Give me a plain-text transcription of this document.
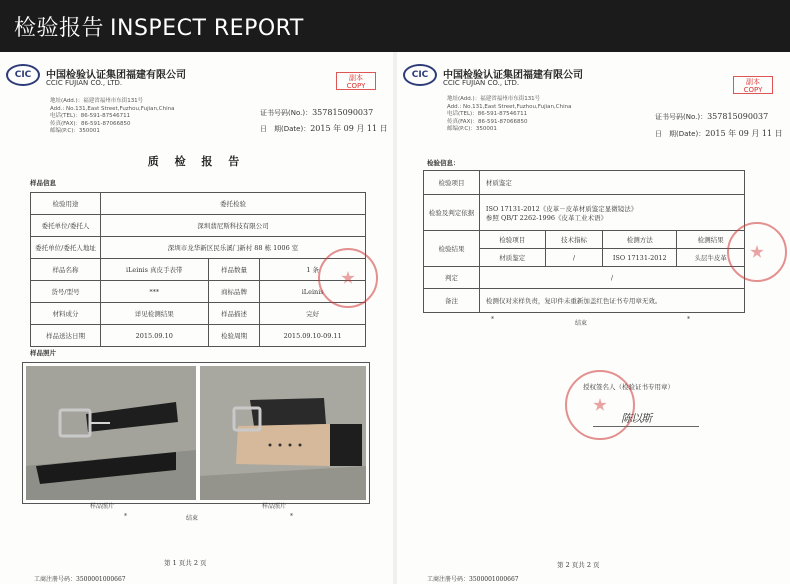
检验报告 INSPECT REPORT
CIC	中国检验认证集团福建有限公司
CCIC FUJIAN CO., LTD.
副本
COPY
地址(Add.)：福建省福州市东街131号
Add.: No.131,East Street,Fuzhou,Fujian,China
电话(TEL)：86-591-87546711
传真(FAX)：86-591-87066850
邮编(P.C)：350001
证书号码(No.)：357815090037
日　期(Date)：2015 年 09 月 11 日
质 检 报 告
样品信息
检验用途	委托检验		
委托单位/委托人	深圳翡尼斯科技有限公司		
委托单位/委托人地址	深圳市龙华新区民乐溪门新村 88 栋 1006 室		
样品名称	iLeinis 真皮手表带	样品数量	1 条
货号/型号	***	商标品牌	iLeinis
材料成分	详见检测结果	样品描述	完好
样品送达日期	2015.09.10	检验周期	2015.09.10-09.11
样品照片
样品照片	样品照片
*	*
结束
第 1 页共 2 页
工商注册号码：3500001000667
CIC	中国检验认证集团福建有限公司
CCIC FUJIAN CO., LTD.	副本
COPY
地址(Add.)：福建省福州市东街131号
Add.: No.131,East Street,Fuzhou,Fujian,China
电话(TEL)：86-591-87546711
传真(FAX)：86-591-87066850
邮编(P.C)：350001
证书号码(No.)：357815090037
日　期(Date)：2015 年 09 月 11 日
检验信息：
检验项目	材质鉴定			
检验及判定依据	ISO 17131-2012《皮革－皮革材质鉴定显微镜法》
参照 QB/T 2262-1996《皮革工业术语》			

检验结果	检验项目	技术指标	检测方法	检测结果
	材质鉴定	/	ISO 17131-2012	头层牛皮革
判定	/			
备注	检测仅对来样负责，复印件未重新加盖红色证书专用章无效。			
*	*
结束
授权签名人（检验证书专用章）
陈以斯
第 2 页共 2 页
工商注册号码：3500001000667
